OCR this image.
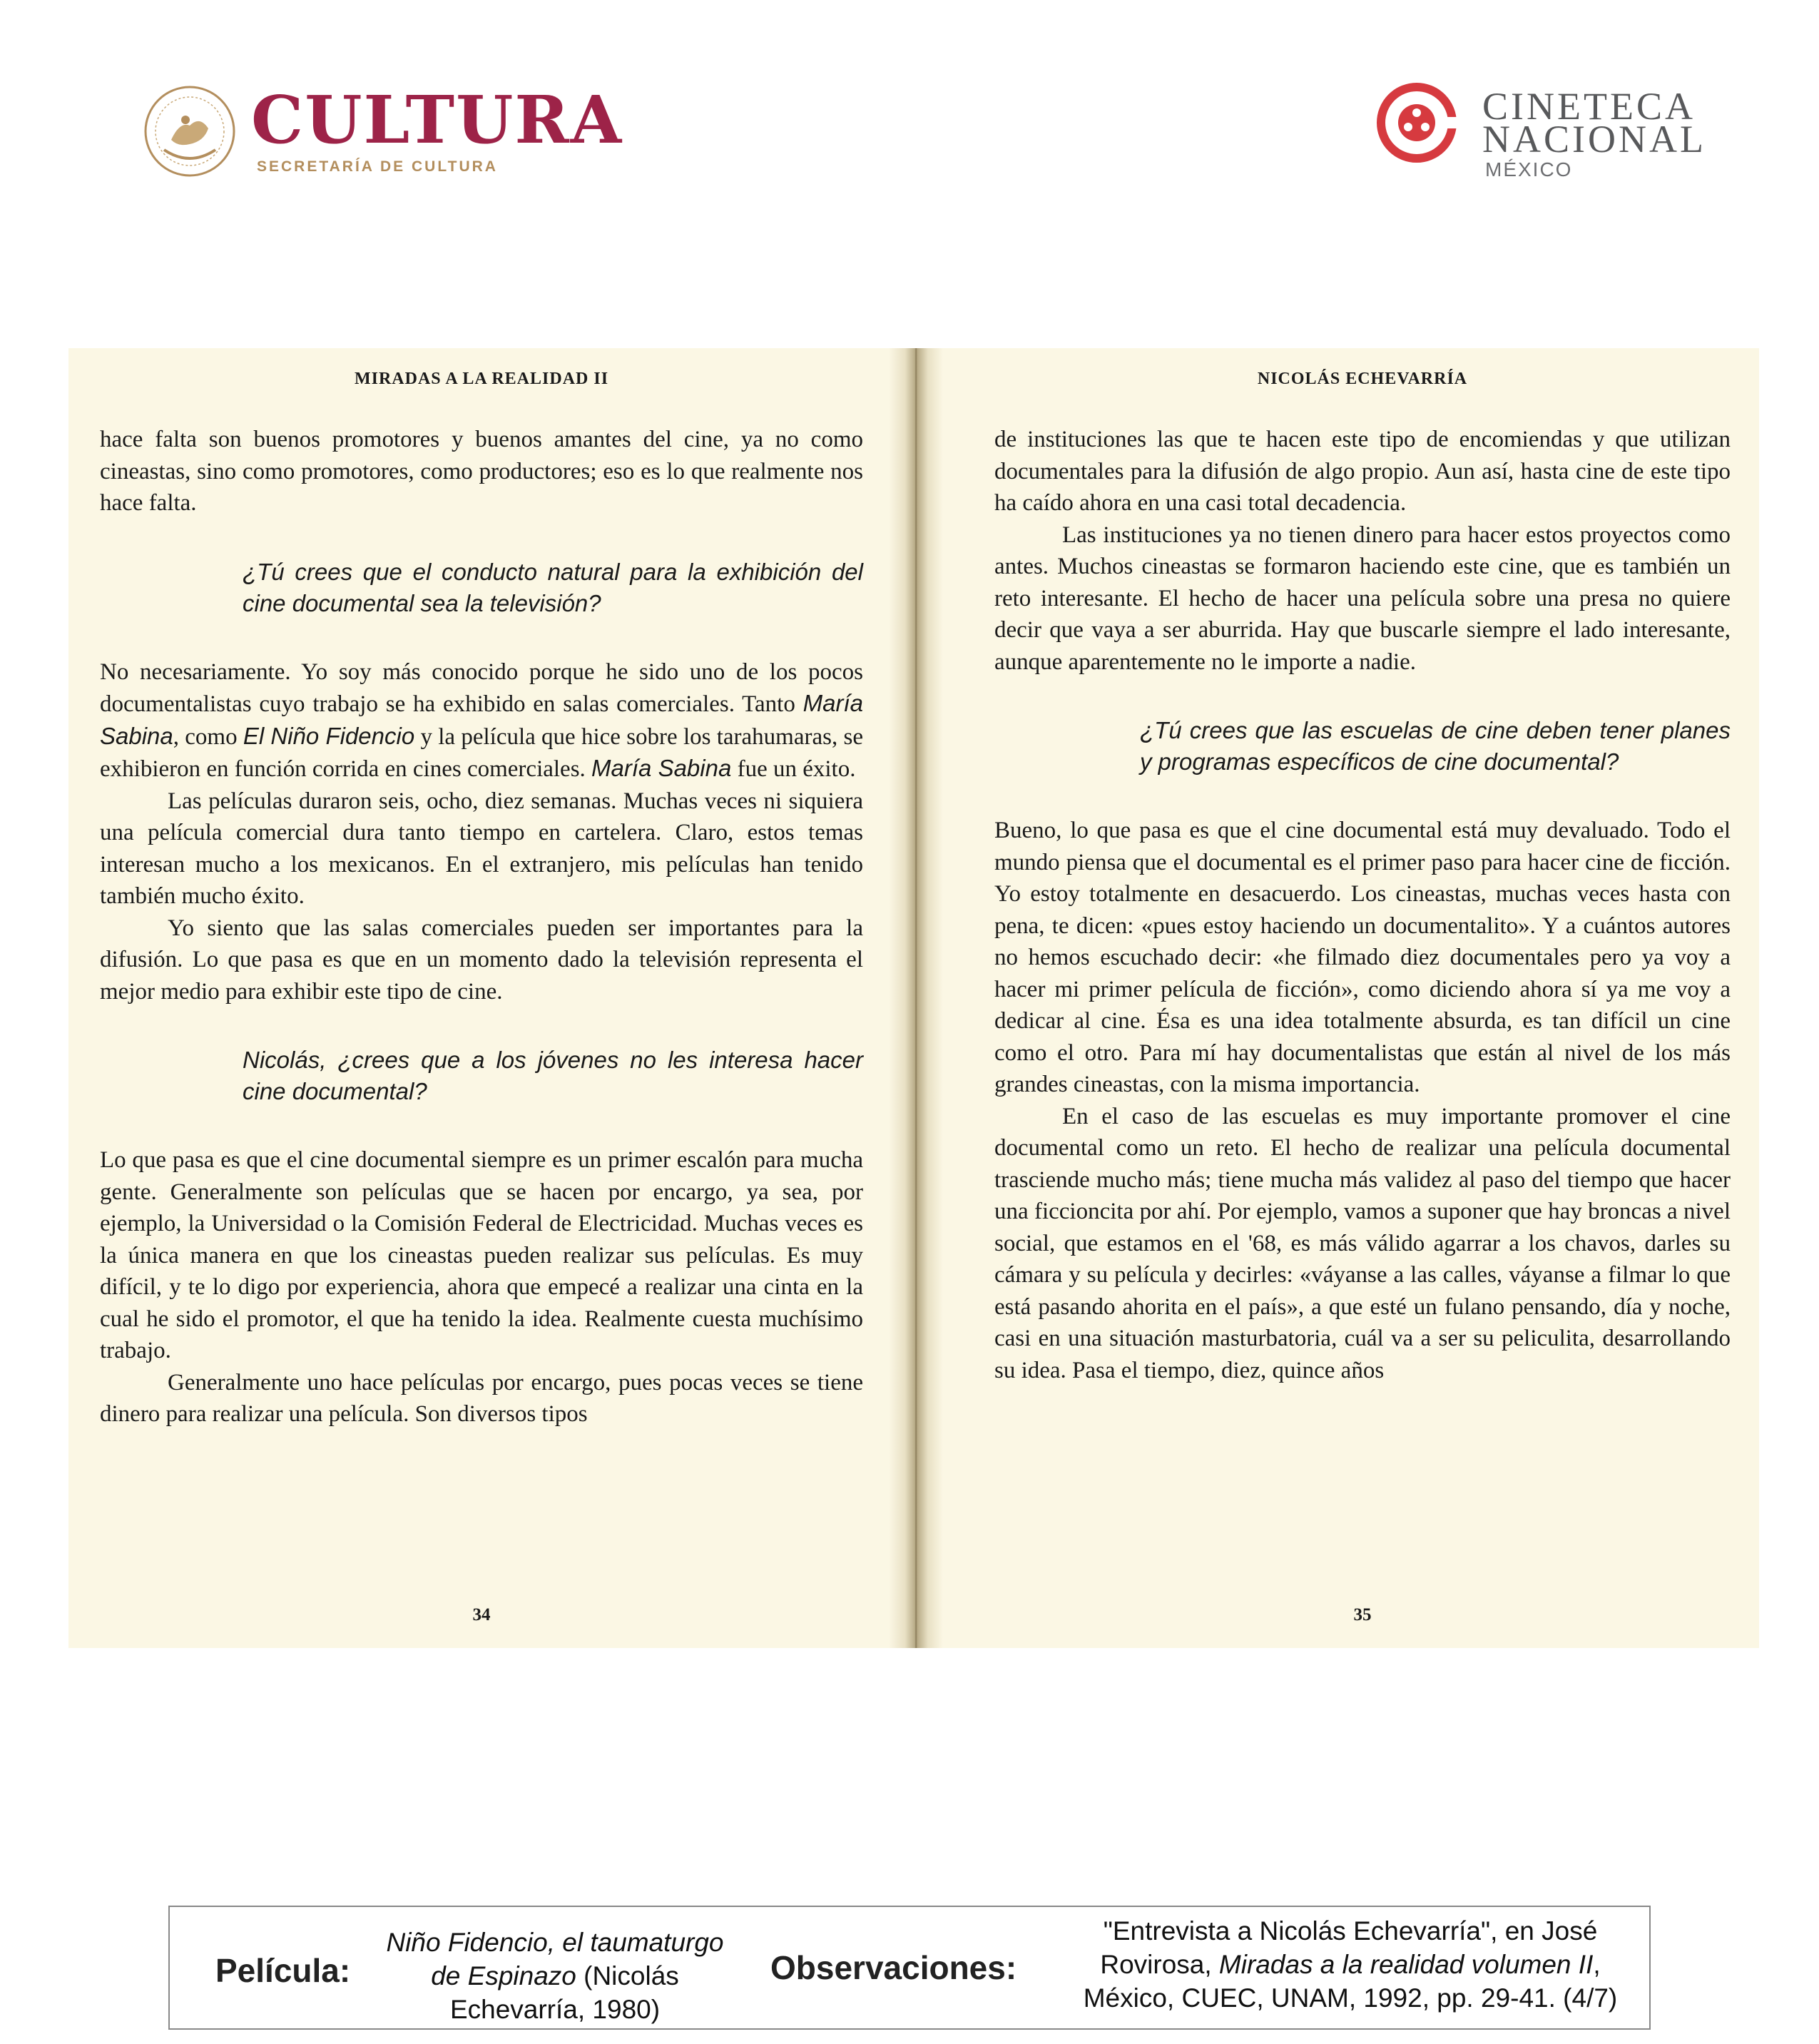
CULTURA
SECRETARÍA DE CULTURA
CINETECA
NACIONAL
MÉXICO
MIRADAS A LA REALIDAD II

hace falta son buenos promotores y buenos amantes del cine, ya no como cineastas, sino como promotores, como productores; eso es lo que realmente nos hace falta.

¿Tú crees que el conducto natural para la exhibición del cine documental sea la televisión?

No necesariamente. Yo soy más conocido porque he sido uno de los pocos documentalistas cuyo trabajo se ha exhibido en salas comerciales. Tanto María Sabina, como El Niño Fidencio y la película que hice sobre los tarahumaras, se exhibieron en función corrida en cines comerciales. María Sabina fue un éxito.

Las películas duraron seis, ocho, diez semanas. Muchas veces ni siquiera una película comercial dura tanto tiempo en cartelera. Claro, estos temas interesan mucho a los mexicanos. En el extranjero, mis películas han tenido también mucho éxito.

Yo siento que las salas comerciales pueden ser importantes para la difusión. Lo que pasa es que en un momento dado la televisión representa el mejor medio para exhibir este tipo de cine.

Nicolás, ¿crees que a los jóvenes no les interesa hacer cine documental?

Lo que pasa es que el cine documental siempre es un primer escalón para mucha gente. Generalmente son películas que se hacen por encargo, ya sea, por ejemplo, la Universidad o la Comisión Federal de Electricidad. Muchas veces es la única manera en que los cineastas pueden realizar sus películas. Es muy difícil, y te lo digo por experiencia, ahora que empecé a realizar una cinta en la cual he sido el promotor, el que ha tenido la idea. Realmente cuesta muchísimo trabajo.

Generalmente uno hace películas por encargo, pues pocas veces se tiene dinero para realizar una película. Son diversos tipos

34
NICOLÁS ECHEVARRÍA

de instituciones las que te hacen este tipo de encomiendas y que utilizan documentales para la difusión de algo propio. Aun así, hasta cine de este tipo ha caído ahora en una casi total decadencia.

Las instituciones ya no tienen dinero para hacer estos proyectos como antes. Muchos cineastas se formaron haciendo este cine, que es también un reto interesante. El hecho de hacer una película sobre una presa no quiere decir que vaya a ser aburrida. Hay que buscarle siempre el lado interesante, aunque aparentemente no le importe a nadie.

¿Tú crees que las escuelas de cine deben tener planes y programas específicos de cine documental?

Bueno, lo que pasa es que el cine documental está muy devaluado. Todo el mundo piensa que el documental es el primer paso para hacer cine de ficción. Yo estoy totalmente en desacuerdo. Los cineastas, muchas veces hasta con pena, te dicen: «pues estoy haciendo un documentalito». Y a cuántos autores no hemos escuchado decir: «he filmado diez documentales pero ya voy a hacer mi primer película de ficción», como diciendo ahora sí ya me voy a dedicar al cine. Ésa es una idea totalmente absurda, es tan difícil un cine como el otro. Para mí hay documentalistas que están al nivel de los más grandes cineastas, con la misma importancia.

En el caso de las escuelas es muy importante promover el cine documental como un reto. El hecho de realizar una película documental trasciende mucho más; tiene mucha más validez al paso del tiempo que hacer una ficcioncita por ahí. Por ejemplo, vamos a suponer que hay broncas a nivel social, que estamos en el '68, es más válido agarrar a los chavos, darles su cámara y su película y decirles: «váyanse a las calles, váyanse a filmar lo que está pasando ahorita en el país», a que esté un fulano pensando, día y noche, casi en una situación masturbatoria, cuál va a ser su peliculita, desarrollando su idea. Pasa el tiempo, diez, quince años

35
Película:
Niño Fidencio, el taumaturgo de Espinazo (Nicolás Echevarría, 1980)
Observaciones:
"Entrevista a Nicolás Echevarría", en José Rovirosa, Miradas a la realidad volumen II, México, CUEC, UNAM, 1992, pp. 29-41. (4/7)
